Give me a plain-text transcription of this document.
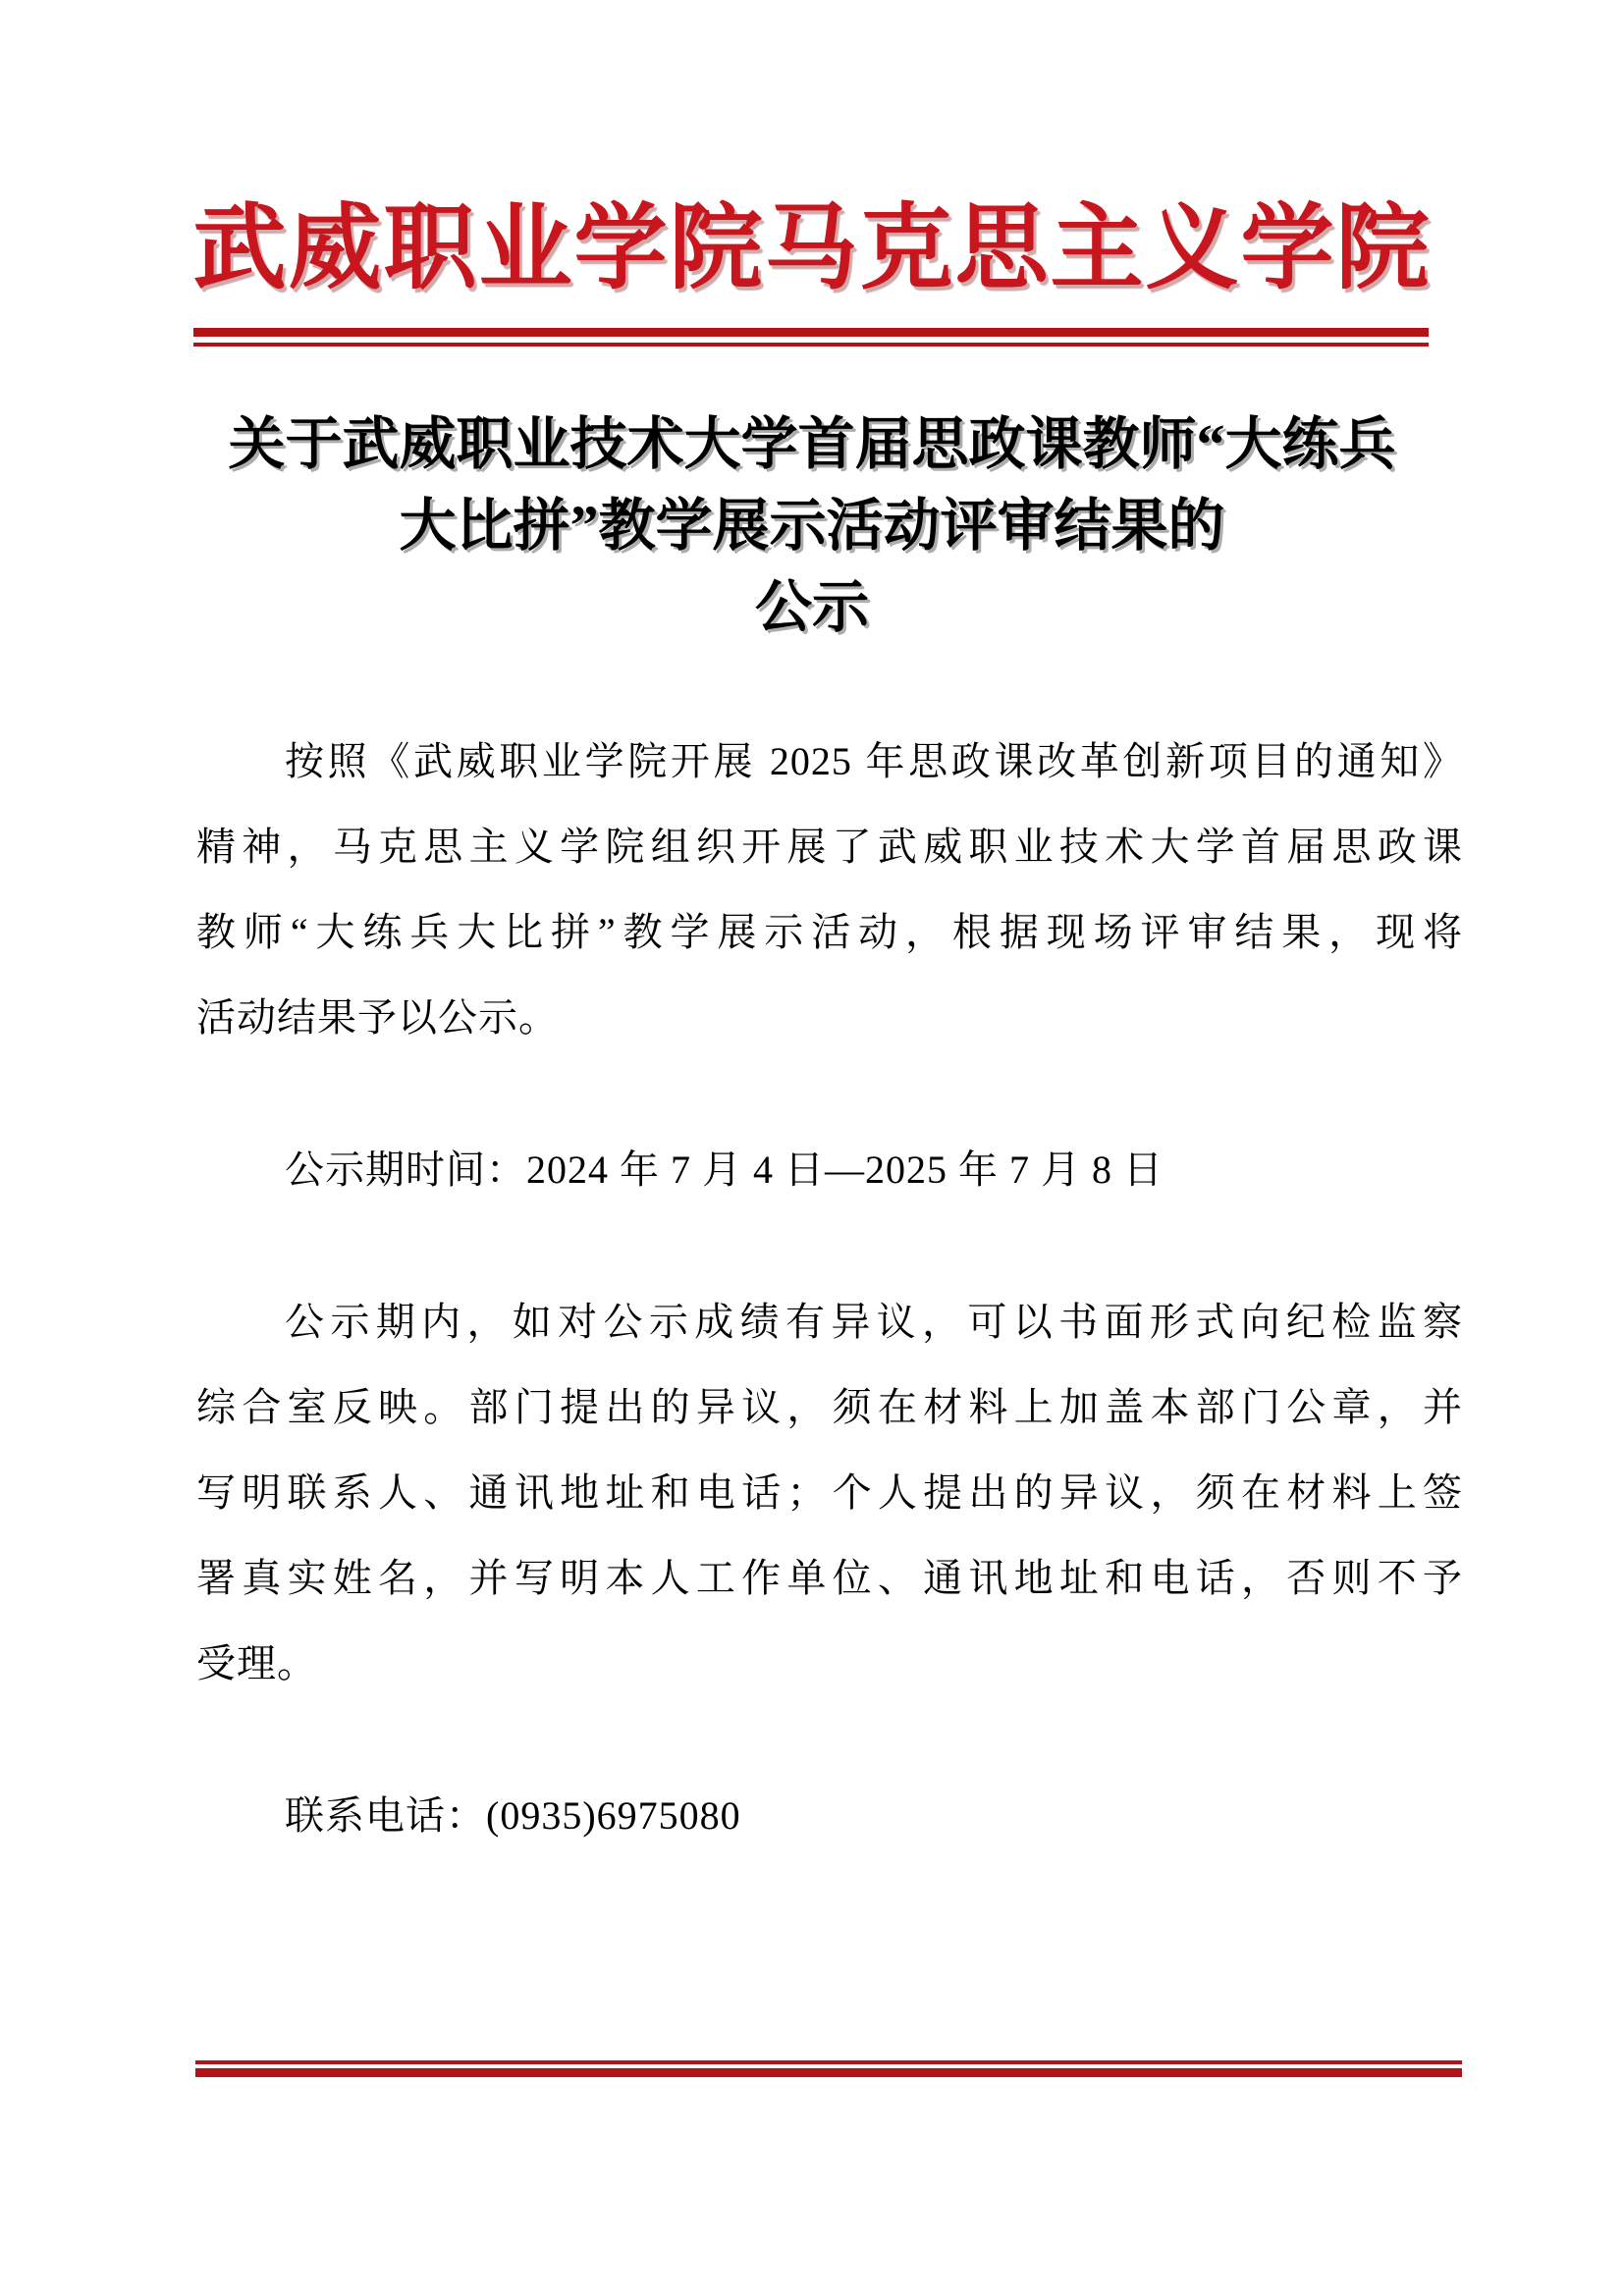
武威职业学院马克思主义学院
关于武威职业技术大学首届思政课教师“大练兵
大比拼”教学展示活动评审结果的
公示
按照《武威职业学院开展 2025 年思政课改革创新项目的通知》
精神，马克思主义学院组织开展了武威职业技术大学首届思政课
教师“大练兵大比拼”教学展示活动，根据现场评审结果，现将
活动结果予以公示。
公示期时间：2024 年 7 月 4 日—2025 年 7 月 8 日
公示期内，如对公示成绩有异议，可以书面形式向纪检监察
综合室反映。部门提出的异议，须在材料上加盖本部门公章，并
写明联系人、通讯地址和电话；个人提出的异议，须在材料上签
署真实姓名，并写明本人工作单位、通讯地址和电话，否则不予
受理。
联系电话：(0935)6975080
